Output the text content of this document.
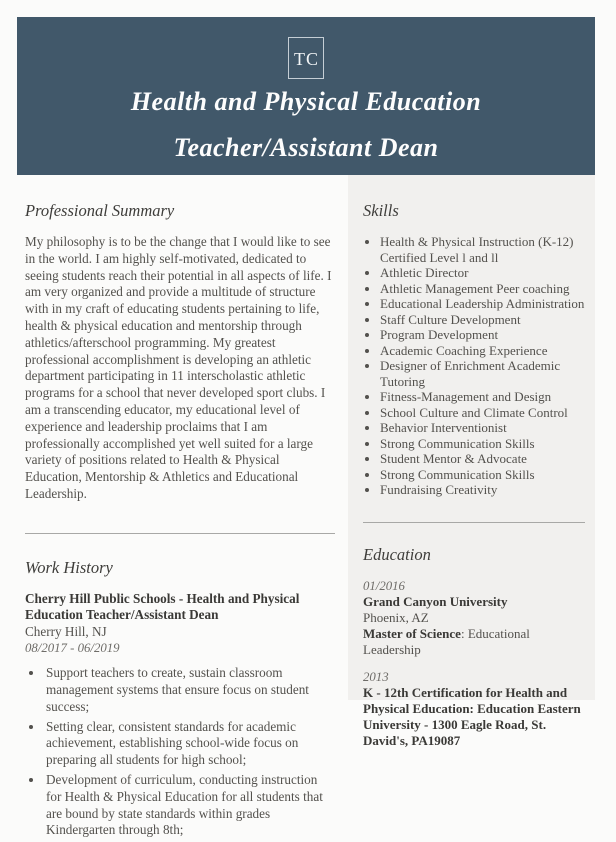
TC
Health and Physical Education
Teacher/Assistant Dean
Skills
• Health & Physical Instruction (K-12) Certified Level l and ll
• Athletic Director
• Athletic Management Peer coaching
• Educational Leadership Administration
• Staff Culture Development
• Program Development
• Academic Coaching Experience
• Designer of Enrichment Academic Tutoring
• Fitness-Management and Design
• School Culture and Climate Control
• Behavior Interventionist
• Strong Communication Skills
• Student Mentor & Advocate
• Strong Communication Skills
• Fundraising Creativity
Education
01/2016
Grand Canyon University
Phoenix, AZ
Master of Science: Educational Leadership
2013
K - 12th Certification for Health and Physical Education: Education Eastern University - 1300 Eagle Road, St. David's, PA19087
Professional Summary

My philosophy is to be the change that I would like to see in the world. I am highly self-motivated, dedicated to seeing students reach their potential in all aspects of life. I am very organized and provide a multitude of structure with in my craft of educating students pertaining to life, health & physical education and mentorship through athletics/afterschool programming. My greatest professional accomplishment is developing an athletic department participating in 11 interscholastic athletic programs for a school that never developed sport clubs. I am a transcending educator, my educational level of experience and leadership proclaims that I am professionally accomplished yet well suited for a large variety of positions related to Health & Physical Education, Mentorship & Athletics and Educational Leadership.

Work History
Cherry Hill Public Schools - Health and Physical Education Teacher/Assistant Dean
Cherry Hill, NJ
08/2017 - 06/2019
• Support teachers to create, sustain classroom management systems that ensure focus on student success;
• Setting clear, consistent standards for academic achievement, establishing school-wide focus on preparing all students for high school;
• Development of curriculum, conducting instruction for Health & Physical Education for all students that are bound by state standards within grades Kindergarten through 8th;
